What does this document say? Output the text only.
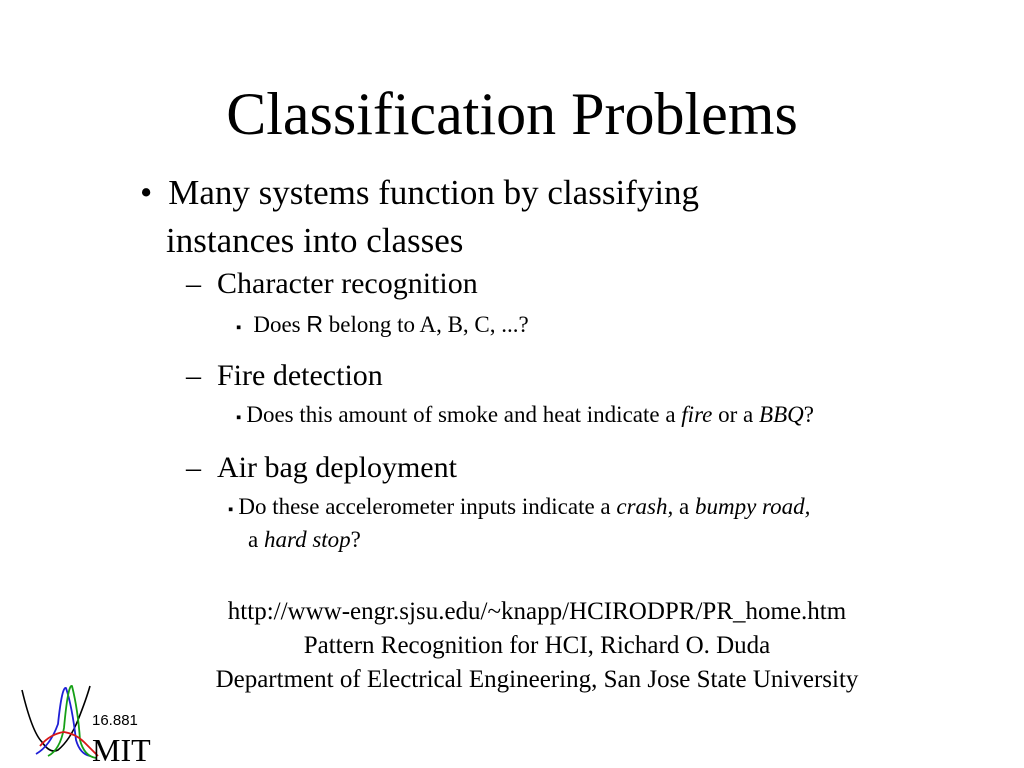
Classification Problems
• Many systems function by classifying
instances into classes
– Character recognition
▪ Does R belong to A, B, C, ...?
– Fire detection
▪ Does this amount of smoke and heat indicate a fire or a BBQ?
– Air bag deployment
▪ Do these accelerometer inputs indicate a crash, a bumpy road,
a hard stop?
http://www-engr.sjsu.edu/~knapp/HCIRODPR/PR_home.htm
Pattern Recognition for HCI, Richard O. Duda
Department of Electrical Engineering, San Jose State University
16.881
MIT
